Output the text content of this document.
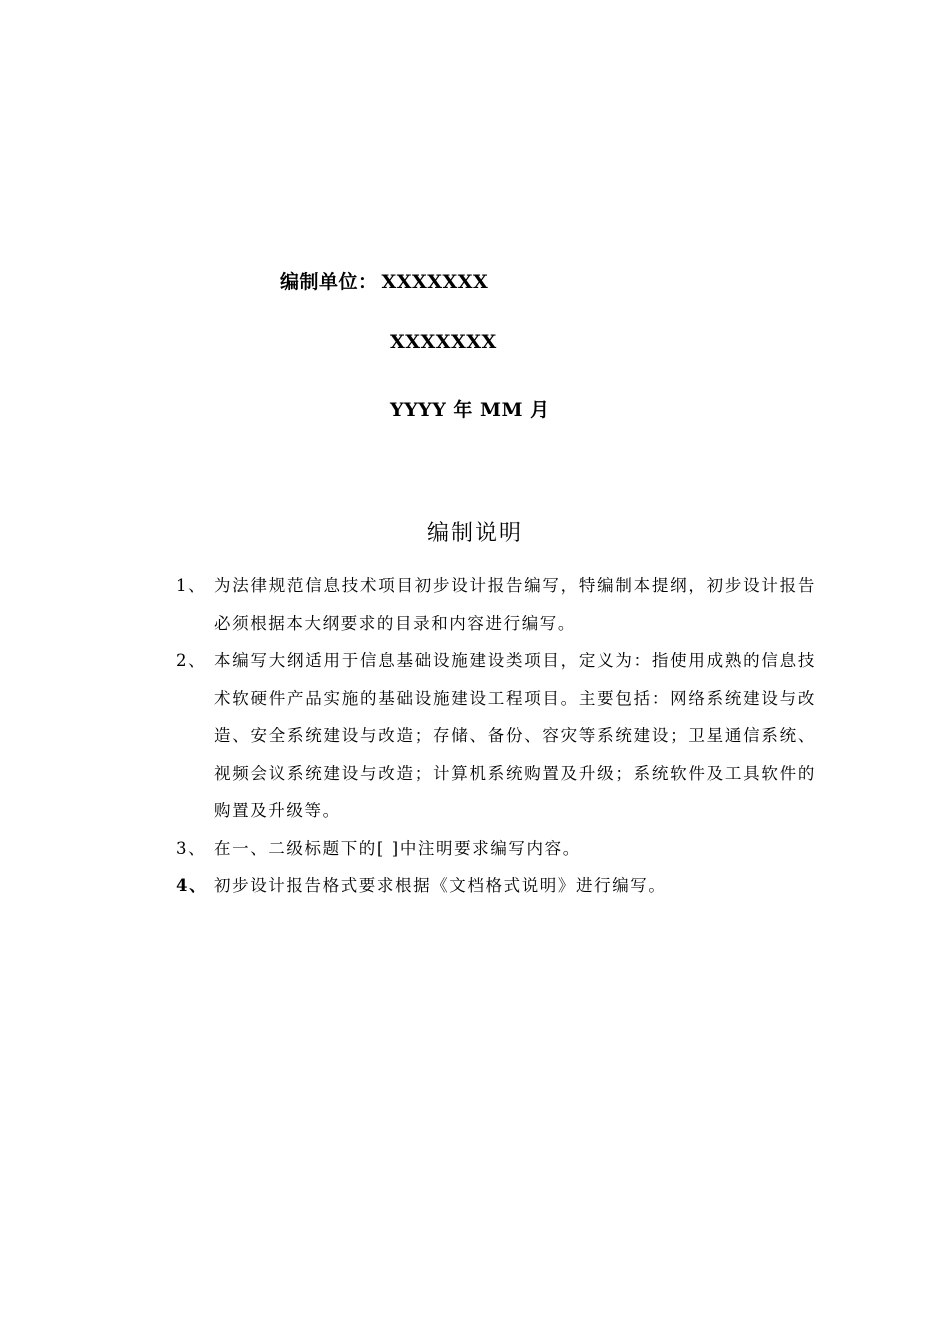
编制单位： XXXXXXX
XXXXXXX
YYYY 年 MM 月
编制说明
1、 为法律规范信息技术项目初步设计报告编写，特编制本提纲，初步设计报告必须根据本大纲要求的目录和内容进行编写。
2、 本编写大纲适用于信息基础设施建设类项目，定义为：指使用成熟的信息技术软硬件产品实施的基础设施建设工程项目。主要包括：网络系统建设与改造、安全系统建设与改造；存储、备份、容灾等系统建设；卫星通信系统、视频会议系统建设与改造；计算机系统购置及升级；系统软件及工具软件的购置及升级等。
3、 在一、二级标题下的[ ]中注明要求编写内容。
4、 初步设计报告格式要求根据《文档格式说明》进行编写。
